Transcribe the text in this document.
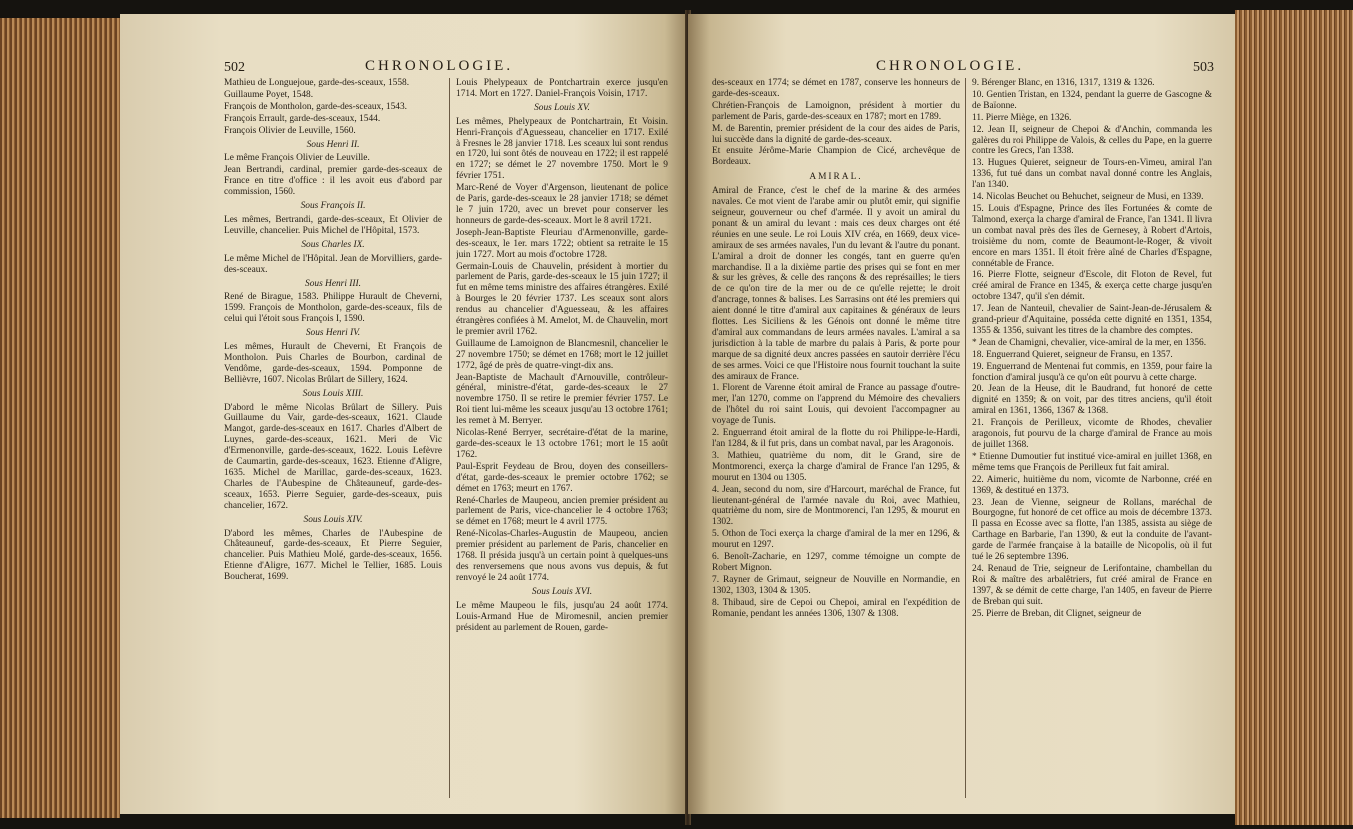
502	CHRONOLOGIE.

Mathieu de Longuejoue, garde-des-sceaux, 1558.

Guillaume Poyet, 1548.

François de Montholon, garde-des-sceaux, 1543.

François Errault, garde-des-sceaux, 1544.

François Olivier de Leuville, 1560.

Sous Henri II.

Le même François Olivier de Leuville.

Jean Bertrandi, cardinal, premier garde-des-sceaux de France en titre d'office : il les avoit eus d'abord par commission, 1560.

Sous François II.

Les mêmes, Bertrandi, garde-des-sceaux, Et Olivier de Leuville, chancelier. Puis Michel de l'Hôpital, 1573.

Sous Charles IX.

Le même Michel de l'Hôpital. Jean de Morvilliers, garde-des-sceaux.

Sous Henri III.

René de Birague, 1583. Philippe Hurault de Cheverni, 1599. François de Montholon, garde-des-sceaux, fils de celui qui l'étoit sous François I, 1590.

Sous Henri IV.

Les mêmes, Hurault de Cheverni, Et François de Montholon. Puis Charles de Bourbon, cardinal de Vendôme, garde-des-sceaux, 1594. Pomponne de Bellièvre, 1607. Nicolas Brûlart de Sillery, 1624.

Sous Louis XIII.

D'abord le même Nicolas Brûlart de Sillery. Puis Guillaume du Vair, garde-des-sceaux, 1621. Claude Mangot, garde-des-sceaux en 1617. Charles d'Albert de Luynes, garde-des-sceaux, 1621. Meri de Vic d'Ermenonville, garde-des-sceaux, 1622. Louis Lefèvre de Caumartin, garde-des-sceaux, 1623. Etienne d'Aligre, 1635. Michel de Marillac, garde-des-sceaux, 1623. Charles de l'Aubespine de Châteauneuf, garde-des-sceaux, 1653. Pierre Seguier, garde-des-sceaux, puis chancelier, 1672.

Sous Louis XIV.

D'abord les mêmes, Charles de l'Aubespine de Châteauneuf, garde-des-sceaux, Et Pierre Seguier, chancelier. Puis Mathieu Molé, garde-des-sceaux, 1656. Etienne d'Aligre, 1677. Michel le Tellier, 1685. Louis Boucherat, 1699.

Louis Phelypeaux de Pontchartrain exerce jusqu'en 1714. Mort en 1727. Daniel-François Voisin, 1717.

Sous Louis XV.

Les mêmes, Phelypeaux de Pontchartrain, Et Voisin. Henri-François d'Aguesseau, chancelier en 1717. Exilé à Fresnes le 28 janvier 1718. Les sceaux lui sont rendus en 1720, lui sont ôtés de nouveau en 1722; il est rappelé en 1727; se démet le 27 novembre 1750. Mort le 9 février 1751.

Marc-René de Voyer d'Argenson, lieutenant de police de Paris, garde-des-sceaux le 28 janvier 1718; se démet le 7 juin 1720, avec un brevet pour conserver les honneurs de garde-des-sceaux. Mort le 8 avril 1721.

Joseph-Jean-Baptiste Fleuriau d'Armenonville, garde-des-sceaux, le 1er. mars 1722; obtient sa retraite le 15 juin 1727. Mort au mois d'octobre 1728.

Germain-Louis de Chauvelin, président à mortier du parlement de Paris, garde-des-sceaux le 15 juin 1727; il fut en même tems ministre des affaires étrangères. Exilé à Bourges le 20 février 1737. Les sceaux sont alors rendus au chancelier d'Aguesseau, & les affaires étrangères confiées à M. Amelot, M. de Chauvelin, mort le premier avril 1762.

Guillaume de Lamoignon de Blancmesnil, chancelier le 27 novembre 1750; se démet en 1768; mort le 12 juillet 1772, âgé de près de quatre-vingt-dix ans.

Jean-Baptiste de Machault d'Arnouville, contrôleur-général, ministre-d'état, garde-des-sceaux le 27 novembre 1750. Il se retire le premier février 1757. Le Roi tient lui-même les sceaux jusqu'au 13 octobre 1761; les remet à M. Berryer.

Nicolas-René Berryer, secrétaire-d'état de la marine, garde-des-sceaux le 13 octobre 1761; mort le 15 août 1762.

Paul-Esprit Feydeau de Brou, doyen des conseillers-d'état, garde-des-sceaux le premier octobre 1762; se démet en 1763; meurt en 1767.

René-Charles de Maupeou, ancien premier président au parlement de Paris, vice-chancelier le 4 octobre 1763; se démet en 1768; meurt le 4 avril 1775.

René-Nicolas-Charles-Augustin de Maupeou, ancien premier président au parlement de Paris, chancelier en 1768. Il présida jusqu'à un certain point à quelques-uns des renversemens que nous avons vus depuis, & fut renvoyé le 24 août 1774.

Sous Louis XVI.

Le même Maupeou le fils, jusqu'au 24 août 1774. Louis-Armand Hue de Miromesnil, ancien premier président au parlement de Rouen, garde-

CHRONOLOGIE.	503

des-sceaux en 1774; se démet en 1787, conserve les honneurs de garde-des-sceaux.

Chrétien-François de Lamoignon, président à mortier du parlement de Paris, garde-des-sceaux en 1787; mort en 1789.

M. de Barentin, premier président de la cour des aides de Paris, lui succède dans la dignité de garde-des-sceaux.

Et ensuite Jérôme-Marie Champion de Cicé, archevêque de Bordeaux.

AMIRAL.

Amiral de France, c'est le chef de la marine & des armées navales. Ce mot vient de l'arabe amir ou plutôt emir, qui signifie seigneur, gouverneur ou chef d'armée. Il y avoit un amiral du ponant & un amiral du levant : mais ces deux charges ont été réunies en une seule. Le roi Louis XIV créa, en 1669, deux vice-amiraux de ses armées navales, l'un du levant & l'autre du ponant. L'amiral a droit de donner les congés, tant en guerre qu'en marchandise. Il a la dixième partie des prises qui se font en mer & sur les grèves, & celle des rançons & des représailles; le tiers de ce qu'on tire de la mer ou de ce qu'elle rejette; le droit d'ancrage, tonnes & balises. Les Sarrasins ont été les premiers qui aient donné le titre d'amiral aux capitaines & généraux de leurs flottes. Les Siciliens & les Génois ont donné le même titre d'amiral aux commandans de leurs armées navales. L'amiral a sa jurisdiction à la table de marbre du palais à Paris, & porte pour marque de sa dignité deux ancres passées en sautoir derrière l'écu de ses armes. Voici ce que l'Histoire nous fournit touchant la suite des amiraux de France.

1. Florent de Varenne étoit amiral de France au passage d'outre-mer, l'an 1270, comme on l'apprend du Mémoire des chevaliers de l'hôtel du roi saint Louis, qui devoient l'accompagner au voyage de Tunis.

2. Enguerrand étoit amiral de la flotte du roi Philippe-le-Hardi, l'an 1284, & il fut pris, dans un combat naval, par les Aragonois.

3. Mathieu, quatrième du nom, dit le Grand, sire de Montmorenci, exerça la charge d'amiral de France l'an 1295, & mourut en 1304 ou 1305.

4. Jean, second du nom, sire d'Harcourt, maréchal de France, fut lieutenant-général de l'armée navale du Roi, avec Mathieu, quatrième du nom, sire de Montmorenci, l'an 1295, & mourut en 1302.

5. Othon de Toci exerça la charge d'amiral de la mer en 1296, & mourut en 1297.

6. Benoît-Zacharie, en 1297, comme témoigne un compte de Robert Mignon.

7. Rayner de Grimaut, seigneur de Nouville en Normandie, en 1302, 1303, 1304 & 1305.

8. Thibaud, sire de Cepoi ou Chepoi, amiral en l'expédition de Romanie, pendant les années 1306, 1307 & 1308.

9. Bérenger Blanc, en 1316, 1317, 1319 & 1326.

10. Gentien Tristan, en 1324, pendant la guerre de Gascogne & de Baïonne.

11. Pierre Miège, en 1326.

12. Jean II, seigneur de Chepoi & d'Anchin, commanda les galères du roi Philippe de Valois, & celles du Pape, en la guerre contre les Grecs, l'an 1338.

13. Hugues Quieret, seigneur de Tours-en-Vimeu, amiral l'an 1336, fut tué dans un combat naval donné contre les Anglais, l'an 1340.

14. Nicolas Beuchet ou Behuchet, seigneur de Musi, en 1339.

15. Louis d'Espagne, Prince des îles Fortunées & comte de Talmond, exerça la charge d'amiral de France, l'an 1341. Il livra un combat naval près des îles de Gernesey, à Robert d'Artois, troisième du nom, comte de Beaumont-le-Roger, & vivoit encore en mars 1351. Il étoit frère aîné de Charles d'Espagne, connétable de France.

16. Pierre Flotte, seigneur d'Escole, dit Floton de Revel, fut créé amiral de France en 1345, & exerça cette charge jusqu'en octobre 1347, qu'il s'en démit.

17. Jean de Nanteuil, chevalier de Saint-Jean-de-Jérusalem & grand-prieur d'Aquitaine, posséda cette dignité en 1351, 1354, 1355 & 1356, suivant les titres de la chambre des comptes.

* Jean de Chamigni, chevalier, vice-amiral de la mer, en 1356.

18. Enguerrand Quieret, seigneur de Fransu, en 1357.

19. Enguerrand de Mentenai fut commis, en 1359, pour faire la fonction d'amiral jusqu'à ce qu'on eût pourvu à cette charge.

20. Jean de la Heuse, dit le Baudrand, fut honoré de cette dignité en 1359; & on voit, par des titres anciens, qu'il étoit amiral en 1361, 1366, 1367 & 1368.

21. François de Perilleux, vicomte de Rhodes, chevalier aragonois, fut pourvu de la charge d'amiral de France au mois de juillet 1368.

* Etienne Dumoutier fut institué vice-amiral en juillet 1368, en même tems que François de Perilleux fut fait amiral.

22. Aimeric, huitième du nom, vicomte de Narbonne, créé en 1369, & destitué en 1373.

23. Jean de Vienne, seigneur de Rollans, maréchal de Bourgogne, fut honoré de cet office au mois de décembre 1373. Il passa en Ecosse avec sa flotte, l'an 1385, assista au siège de Carthage en Barbarie, l'an 1390, & eut la conduite de l'avant-garde de l'armée française à la bataille de Nicopolis, où il fut tué le 26 septembre 1396.

24. Renaud de Trie, seigneur de Lerifontaine, chambellan du Roi & maître des arbalêtriers, fut créé amiral de France en 1397, & se démit de cette charge, l'an 1405, en faveur de Pierre de Breban qui suit.

25. Pierre de Breban, dit Clignet, seigneur de
